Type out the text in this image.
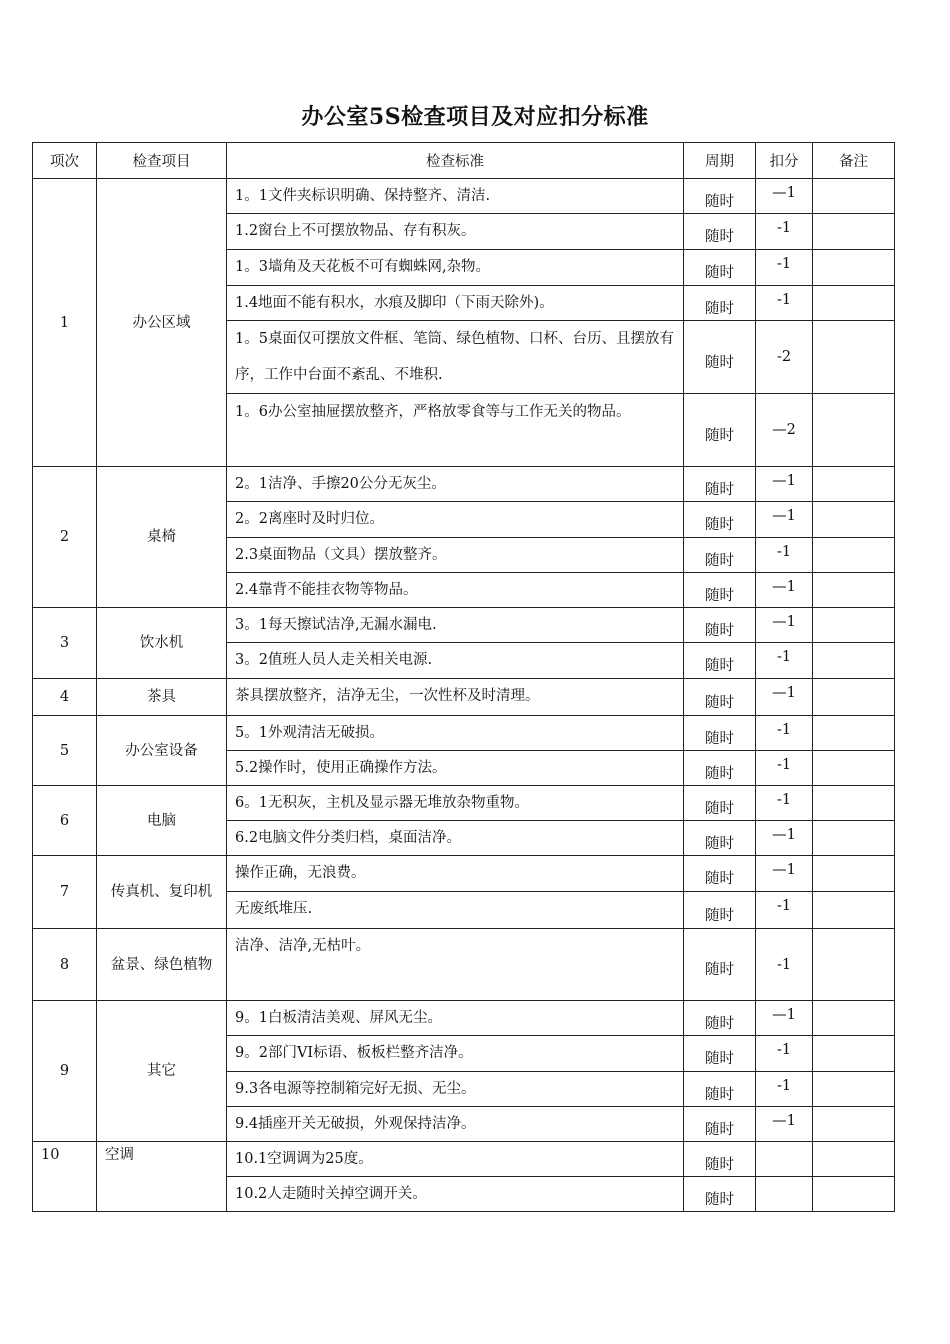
办公室5S检查项目及对应扣分标准
项次	检查项目	检查标准	周期	扣分	备注
1	办公区域	1。1文件夹标识明确、保持整齐、清洁.	随时	—1	
		1.2窗台上不可摆放物品、存有积灰。	随时	-1	
		1。3墙角及天花板不可有蜘蛛网,杂物。	随时	-1	
		1.4地面不能有积水，水痕及脚印（下雨天除外)。	随时	-1	
		1。5桌面仅可摆放文件框、笔筒、绿色植物、口杯、台历、且摆放有序，工作中台面不紊乱、不堆积.	随时	-2	
		1。6办公室抽屉摆放整齐，严格放零食等与工作无关的物品。	随时	—2	
2	桌椅	2。1洁净、手擦20公分无灰尘。	随时	—1	
		2。2离座时及时归位。	随时	—1	
		2.3桌面物品（文具）摆放整齐。	随时	-1	
		2.4靠背不能挂衣物等物品。	随时	—1	
3	饮水机	3。1每天擦试洁净,无漏水漏电.	随时	—1	
		3。2值班人员人走关相关电源.	随时	-1	
4	茶具	茶具摆放整齐，洁净无尘，一次性杯及时清理。	随时	—1	
5	办公室设备	5。1外观清洁无破损。	随时	-1	
		5.2操作时，使用正确操作方法。	随时	-1	
6	电脑	6。1无积灰，主机及显示器无堆放杂物重物。	随时	-1	
		6.2电脑文件分类归档，桌面洁净。	随时	—1	
7	传真机、复印机	操作正确，无浪费。	随时	—1	
		无废纸堆压.	随时	-1	
8	盆景、绿色植物	洁净、洁净,无枯叶。	随时	-1	
9	其它	9。1白板清洁美观、屏风无尘。	随时	—1	
		9。2部门VI标语、板板栏整齐洁净。	随时	-1	
		9.3各电源等控制箱完好无损、无尘。	随时	-1	
		9.4插座开关无破损，外观保持洁净。	随时	—1	
10	空调	10.1空调调为25度。	随时		
		10.2人走随时关掉空调开关。	随时		
